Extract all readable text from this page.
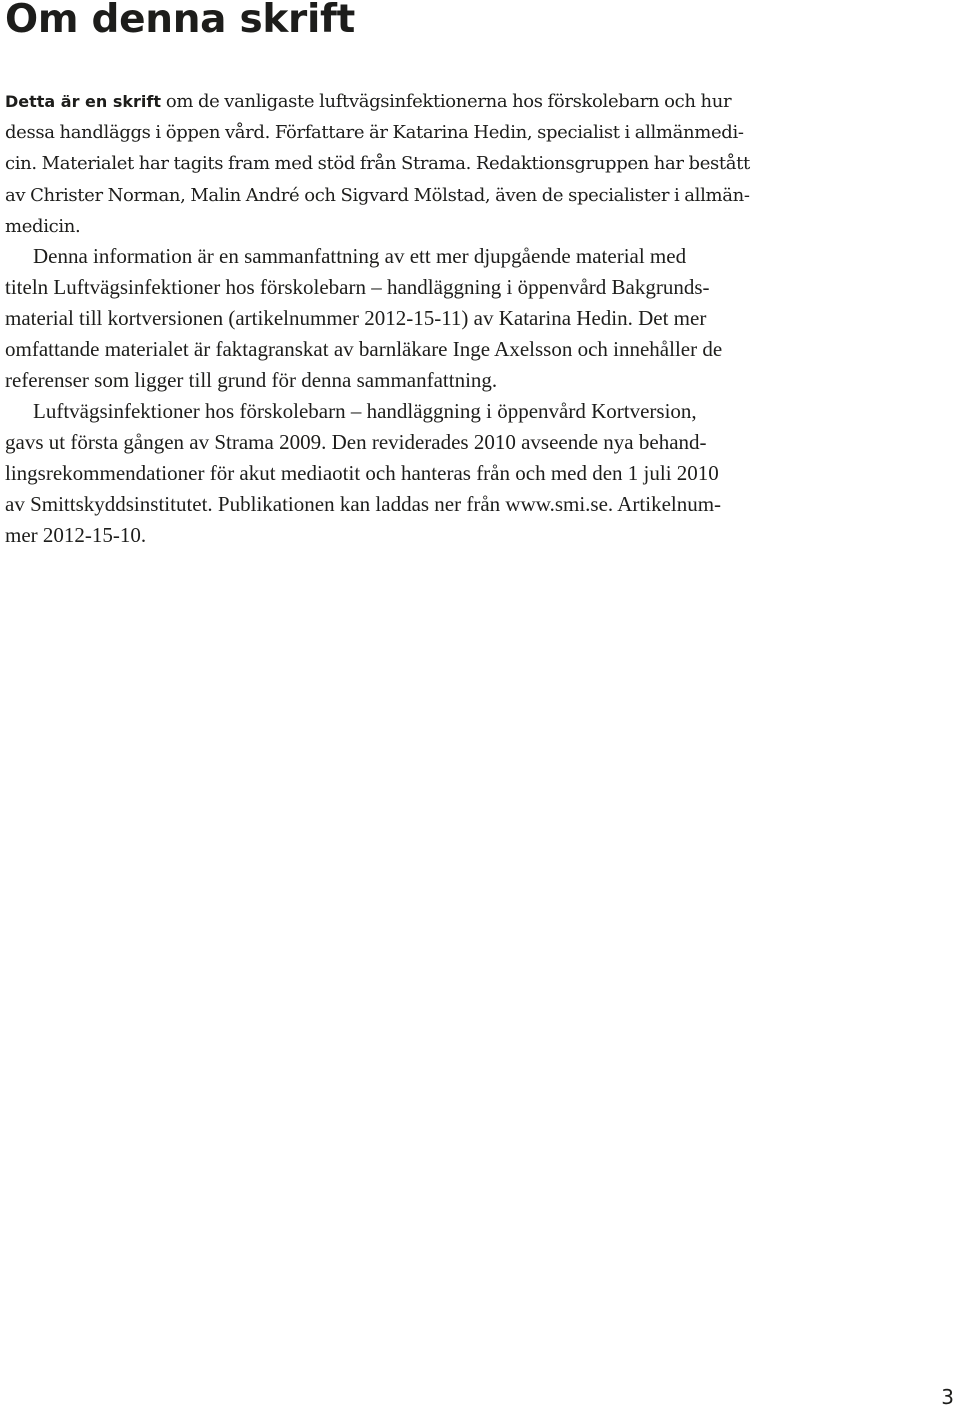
Om denna skrift
Detta är en skrift om de vanligaste luftvägsinfektionerna hos förskolebarn och hur
dessa handläggs i öppen vård. Författare är Katarina Hedin, specialist i allmänmedi-
cin. Materialet har tagits fram med stöd från Strama. Redaktionsgruppen har bestått
av Christer Norman, Malin André och Sigvard Mölstad, även de specialister i allmän-
medicin.
Denna information är en sammanfattning av ett mer djupgående material med
titeln Luftvägsinfektioner hos förskolebarn – handläggning i öppenvård Bakgrunds-
material till kortversionen (artikelnummer 2012-15-11) av Katarina Hedin. Det mer
omfattande materialet är faktagranskat av barnläkare Inge Axelsson och innehåller de
referenser som ligger till grund för denna sammanfattning.
Luftvägsinfektioner hos förskolebarn – handläggning i öppenvård Kortversion,
gavs ut första gången av Strama 2009. Den reviderades 2010 avseende nya behand-
lingsrekommendationer för akut mediaotit och hanteras från och med den 1 juli 2010
av Smittskyddsinstitutet. Publikationen kan laddas ner från www.smi.se. Artikelnum-
mer 2012-15-10.
3
